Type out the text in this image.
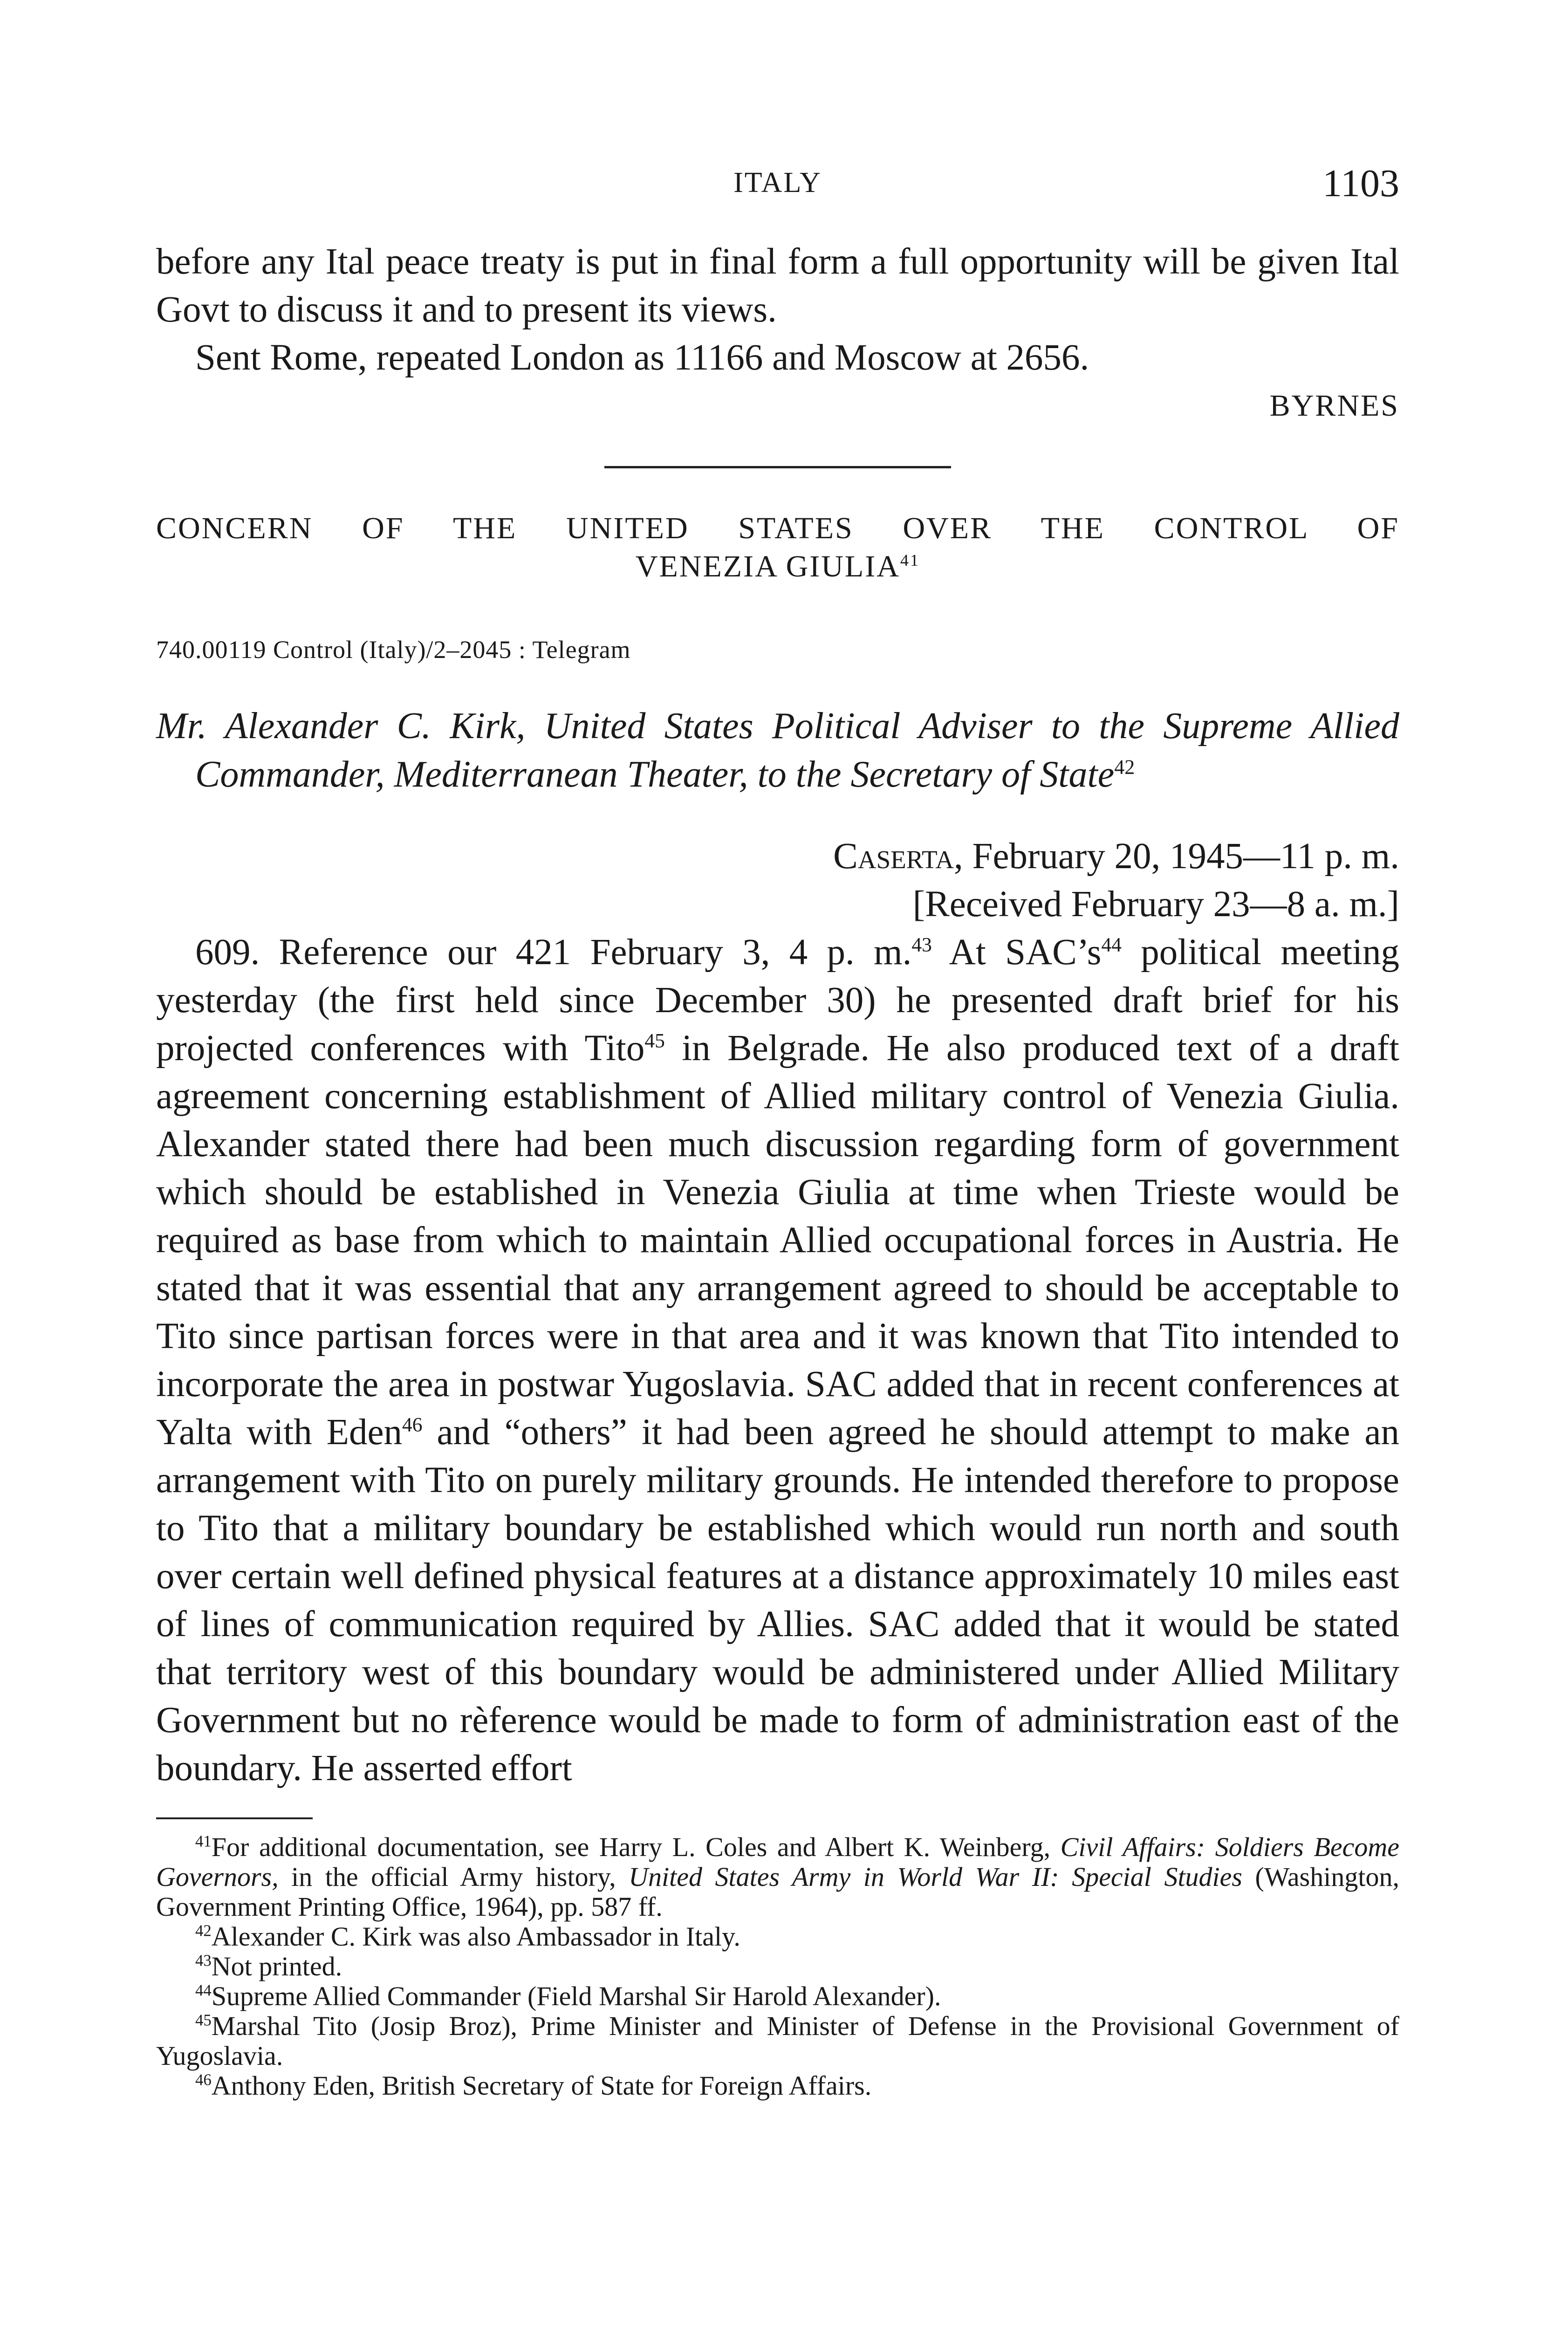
ITALY	1103

before any Ital peace treaty is put in final form a full opportunity will be given Ital Govt to discuss it and to present its views.

Sent Rome, repeated London as 11166 and Moscow at 2656.

BYRNES
CONCERN OF THE UNITED STATES OVER THE CONTROL OF
VENEZIA GIULIA$^{41}$
740.00119 Control (Italy)/2–2045 : Telegram
Mr. Alexander C. Kirk, United States Political Adviser to the Supreme Allied Commander, Mediterranean Theater, to the Secretary of State$^{42}$
Caserta, February 20, 1945—11 p. m.
[Received February 23—8 a. m.]

609. Reference our 421 February 3, 4 p. m.$^{43}$ At $SAC’s^{44}$ political meeting yesterday (the first held since December 30) he presented draft brief for his projected conferences with Tito$^{45}$ in Belgrade. He also produced text of a draft agreement concerning establishment of Allied military control of Venezia Giulia. Alexander stated there had been much discussion regarding form of government which should be established in Venezia Giulia at time when Trieste would be required as base from which to maintain Allied occupational forces in Austria. He stated that it was essential that any arrangement agreed to should be acceptable to Tito since partisan forces were in that area and it was known that Tito intended to incorporate the area in postwar Yugoslavia. SAC added that in recent conferences at Yalta with Eden$^{46}$ and “others” it had been agreed he should attempt to make an arrangement with Tito on purely military grounds. He intended therefore to propose to Tito that a military boundary be established which would run north and south over certain well defined physical features at a distance approximately 10 miles east of lines of communication required by Allies. SAC added that it would be stated that territory west of this boundary would be administered under Allied Military Government but no rèference would be made to form of administration east of the boundary. He asserted effort

$^{41}$For additional documentation, see Harry L. Coles and Albert K. Weinberg, Civil Affairs: Soldiers Become Governors, in the official Army history, United States Army in World War II: Special Studies (Washington, Government Printing Office, 1964), pp. 587 ff.

$^{42}$Alexander C. Kirk was also Ambassador in Italy.

$^{43}$Not printed.

$^{44}$Supreme Allied Commander (Field Marshal Sir Harold Alexander).

$^{45}$Marshal Tito (Josip Broz), Prime Minister and Minister of Defense in the Provisional Government of Yugoslavia.

$^{46}$Anthony Eden, British Secretary of State for Foreign Affairs.
